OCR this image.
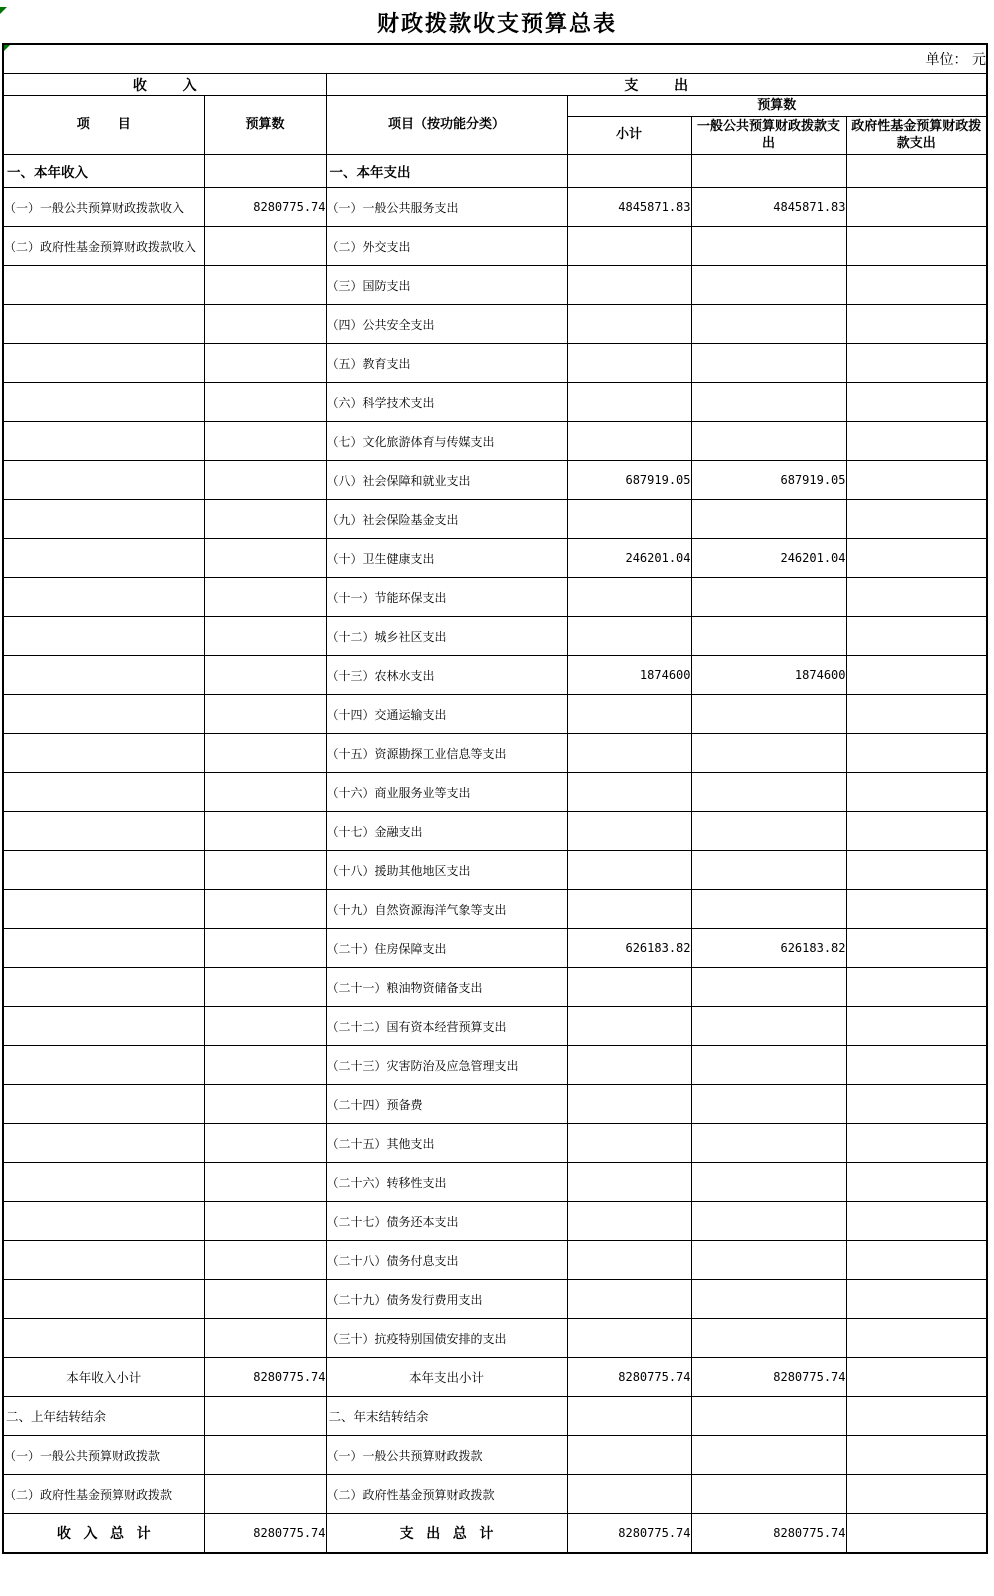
财政拨款收支预算总表
单位： 元					
收 入		支 出			
项 目	预算数	项目（按功能分类）	预算数		
			小计	一般公共预算财政拨款支出	政府性基金预算财政拨款支出
一、本年收入		一、本年支出			
（一）一般公共预算财政拨款收入	8280775.74	（一）一般公共服务支出	4845871.83	4845871.83	
（二）政府性基金预算财政拨款收入		（二）外交支出			
		（三）国防支出			
		（四）公共安全支出			
		（五）教育支出			
		（六）科学技术支出			
		（七）文化旅游体育与传媒支出			
		（八）社会保障和就业支出	687919.05	687919.05	
		（九）社会保险基金支出			
		（十）卫生健康支出	246201.04	246201.04	
		（十一）节能环保支出			
		（十二）城乡社区支出			
		（十三）农林水支出	1874600	1874600	
		（十四）交通运输支出			
		（十五）资源勘探工业信息等支出			
		（十六）商业服务业等支出			
		（十七）金融支出			
		（十八）援助其他地区支出			
		（十九）自然资源海洋气象等支出			
		（二十）住房保障支出	626183.82	626183.82	
		（二十一）粮油物资储备支出			
		（二十二）国有资本经营预算支出			
		（二十三）灾害防治及应急管理支出			
		（二十四）预备费			
		（二十五）其他支出			
		（二十六）转移性支出			
		（二十七）债务还本支出			
		（二十八）债务付息支出			
		（二十九）债务发行费用支出			
		（三十）抗疫特别国债安排的支出			
本年收入小计	8280775.74	本年支出小计	8280775.74	8280775.74	
二、上年结转结余		二、年末结转结余			
（一）一般公共预算财政拨款		（一）一般公共预算财政拨款			
（二）政府性基金预算财政拨款		（二）政府性基金预算财政拨款			
收 入 总 计	8280775.74	支 出 总 计	8280775.74	8280775.74	
